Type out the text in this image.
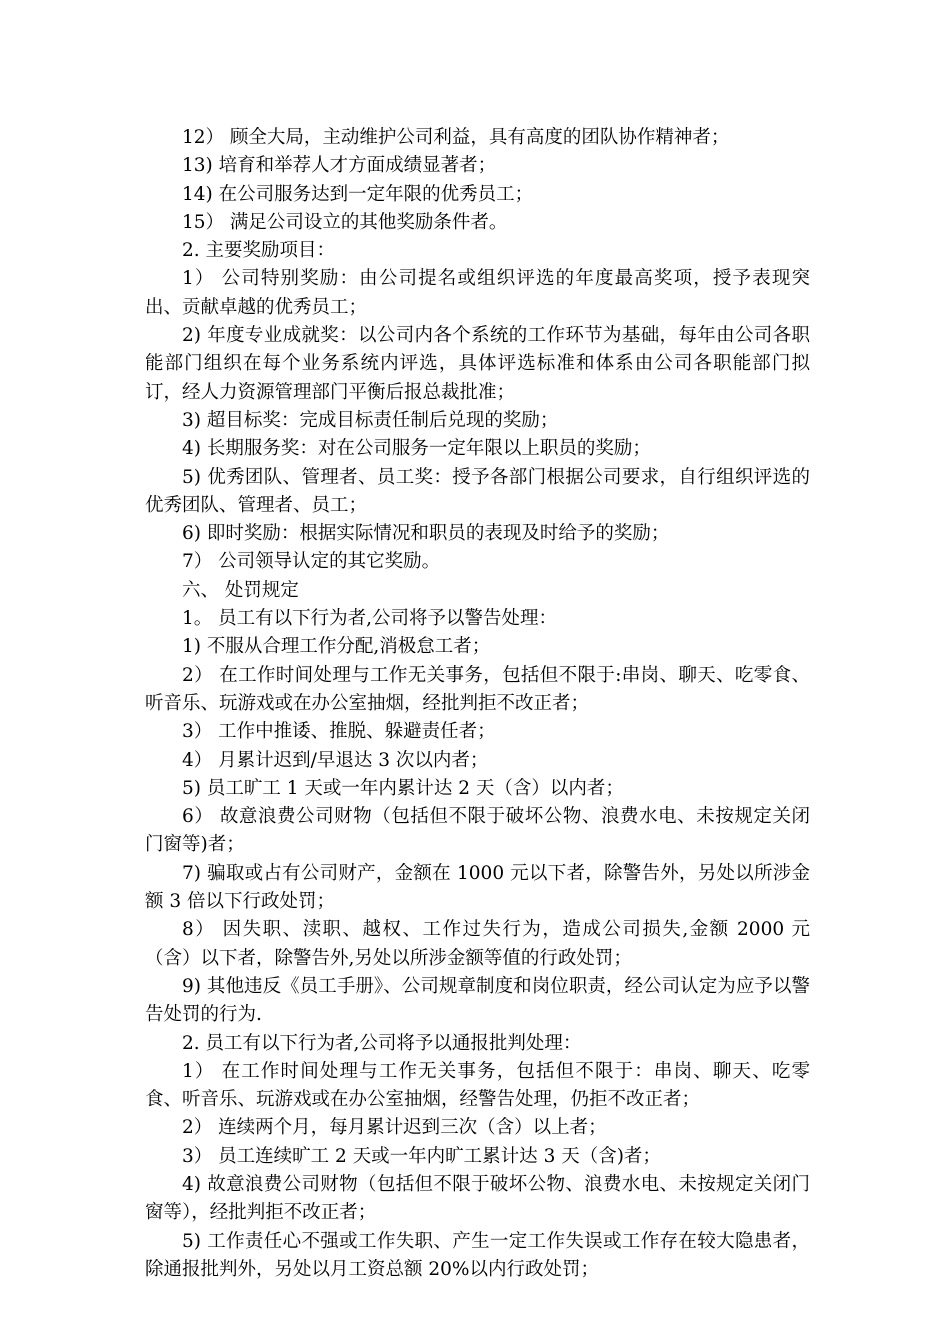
12） 顾全大局，主动维护公司利益，具有高度的团队协作精神者；

13) 培育和举荐人才方面成绩显著者；

14) 在公司服务达到一定年限的优秀员工；

15） 满足公司设立的其他奖励条件者。

2. 主要奖励项目：

1） 公司特别奖励：由公司提名或组织评选的年度最高奖项，授予表现突出、贡献卓越的优秀员工；

2) 年度专业成就奖：以公司内各个系统的工作环节为基础，每年由公司各职能部门组织在每个业务系统内评选，具体评选标准和体系由公司各职能部门拟订，经人力资源管理部门平衡后报总裁批准；

3) 超目标奖：完成目标责任制后兑现的奖励；

4) 长期服务奖：对在公司服务一定年限以上职员的奖励；

5) 优秀团队、管理者、员工奖：授予各部门根据公司要求，自行组织评选的优秀团队、管理者、员工；

6) 即时奖励：根据实际情况和职员的表现及时给予的奖励；

7） 公司领导认定的其它奖励。

六、 处罚规定

1。 员工有以下行为者,公司将予以警告处理：

1) 不服从合理工作分配,消极怠工者；

2） 在工作时间处理与工作无关事务，包括但不限于:串岗、聊天、吃零食、听音乐、玩游戏或在办公室抽烟，经批判拒不改正者；

3） 工作中推诿、推脱、躲避责任者；

4） 月累计迟到/早退达 3 次以内者；

5) 员工旷工 1 天或一年内累计达 2 天（含）以内者；

6） 故意浪费公司财物（包括但不限于破坏公物、浪费水电、未按规定关闭门窗等)者；

7) 骗取或占有公司财产，金额在 1000 元以下者，除警告外，另处以所涉金额 3 倍以下行政处罚；

8） 因失职、渎职、越权、工作过失行为，造成公司损失,金额 2000 元（含）以下者，除警告外,另处以所涉金额等值的行政处罚；

9) 其他违反《员工手册》、公司规章制度和岗位职责，经公司认定为应予以警告处罚的行为.

2. 员工有以下行为者,公司将予以通报批判处理：

1） 在工作时间处理与工作无关事务，包括但不限于：串岗、聊天、吃零食、听音乐、玩游戏或在办公室抽烟，经警告处理，仍拒不改正者；

2） 连续两个月，每月累计迟到三次（含）以上者；

3） 员工连续旷工 2 天或一年内旷工累计达 3 天（含)者；

4) 故意浪费公司财物（包括但不限于破坏公物、浪费水电、未按规定关闭门窗等），经批判拒不改正者；

5) 工作责任心不强或工作失职、产生一定工作失误或工作存在较大隐患者，除通报批判外，另处以月工资总额 20%以内行政处罚；
